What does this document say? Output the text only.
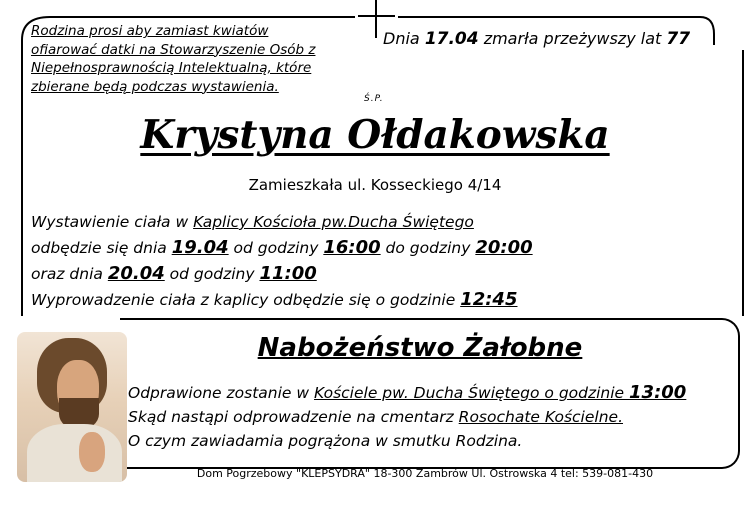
Rodzina prosi aby zamiast kwiatów
ofiarować datki na Stowarzyszenie Osób z
Niepełnosprawnością Intelektualną, które
zbierane będą podczas wystawienia.
Dnia 17.04 zmarła przeżywszy lat 77
Ś.P.
Krystyna Ołdakowska
Zamieszkała ul. Kosseckiego 4/14
Wystawienie ciała w Kaplicy Kościoła pw.Ducha Świętego
odbędzie się dnia 19.04 od godziny 16:00 do godziny 20:00
oraz dnia 20.04 od godziny 11:00
Wyprowadzenie ciała z kaplicy odbędzie się o godzinie 12:45
Nabożeństwo Żałobne
Odprawione zostanie w Kościele pw. Ducha Świętego o godzinie 13:00
Skąd nastąpi odprowadzenie na cmentarz Rosochate Kościelne.
O czym zawiadamia pogrążona w smutku Rodzina.
Dom Pogrzebowy "KLEPSYDRA" 18-300 Zambrów Ul. Ostrowska 4 tel: 539-081-430
